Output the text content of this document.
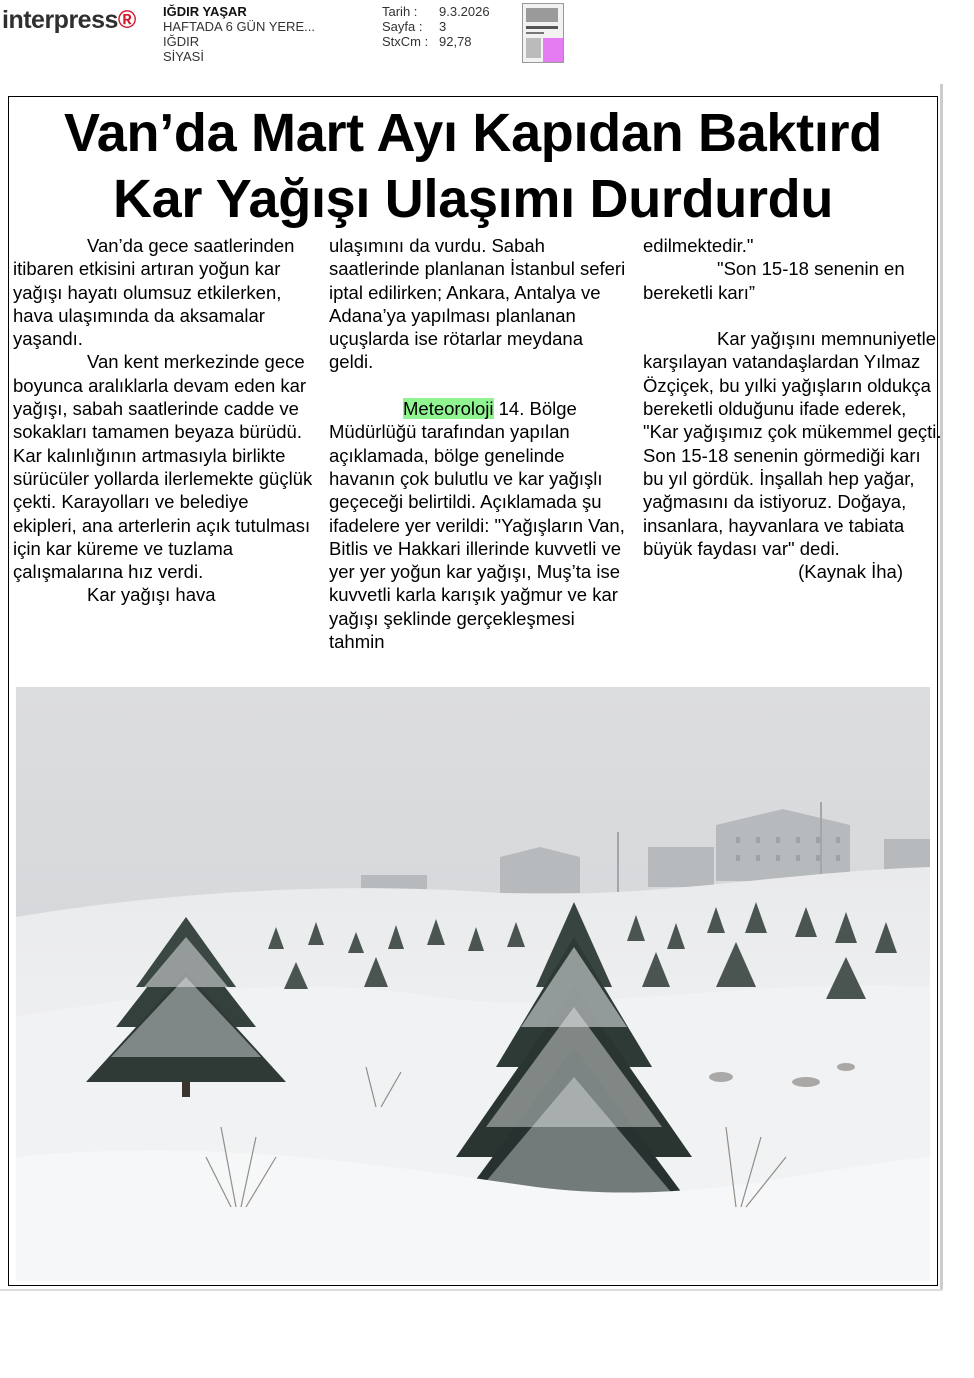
interpress® IĞDIR YAŞAR
HAFTADA 6 GÜN YERE...
IĞDIR
SİYASİ
Tarih :	9.3.2026
Sayfa :	3
StxCm : 92,78
Van’da Mart Ayı Kapıdan Baktırd
Kar Yağışı Ulaşımı Durdurdu

Van’da gece saatlerinden itibaren etkisini artıran yoğun kar yağışı hayatı olumsuz etkilerken, hava ulaşımında da aksamalar yaşandı.

Van kent merkezinde gece boyunca aralıklarla devam eden kar yağışı, sabah saatlerinde cadde ve sokakları tamamen beyaza bürüdü. Kar kalınlığının artmasıyla birlikte sürücüler yollarda ilerlemekte güçlük çekti. Karayolları ve belediye ekipleri, ana arterlerin açık tutulması için kar küreme ve tuzlama çalışmalarına hız verdi.

Kar yağışı hava

ulaşımını da vurdu. Sabah saatlerinde planlanan İstanbul seferi iptal edilirken; Ankara, Antalya ve Adana’ya yapılması planlanan uçuşlarda ise rötarlar meydana geldi.

Meteoroloji 14. Bölge Müdürlüğü tarafından yapılan açıklamada, bölge genelinde havanın çok bulutlu ve kar yağışlı geçeceği belirtildi. Açıklamada şu ifadelere yer verildi: "Yağışların Van, Bitlis ve Hakkari illerinde kuvvetli ve yer yer yoğun kar yağışı, Muş’ta ise kuvvetli karla karışık yağmur ve kar yağışı şeklinde gerçekleşmesi tahmin

edilmektedir."

"Son 15-18 senenin en bereketli karı”

Kar yağışını memnuniyetle karşılayan vatandaşlardan Yılmaz Özçiçek, bu yılki yağışların oldukça bereketli olduğunu ifade ederek, "Kar yağışımız çok mükemmel geçti. Son 15-18 senenin görmediği karı bu yıl gördük. İnşallah hep yağar, yağmasını da istiyoruz. Doğaya, insanlara, hayvanlara ve tabiata büyük faydası var" dedi.

(Kaynak İha)
